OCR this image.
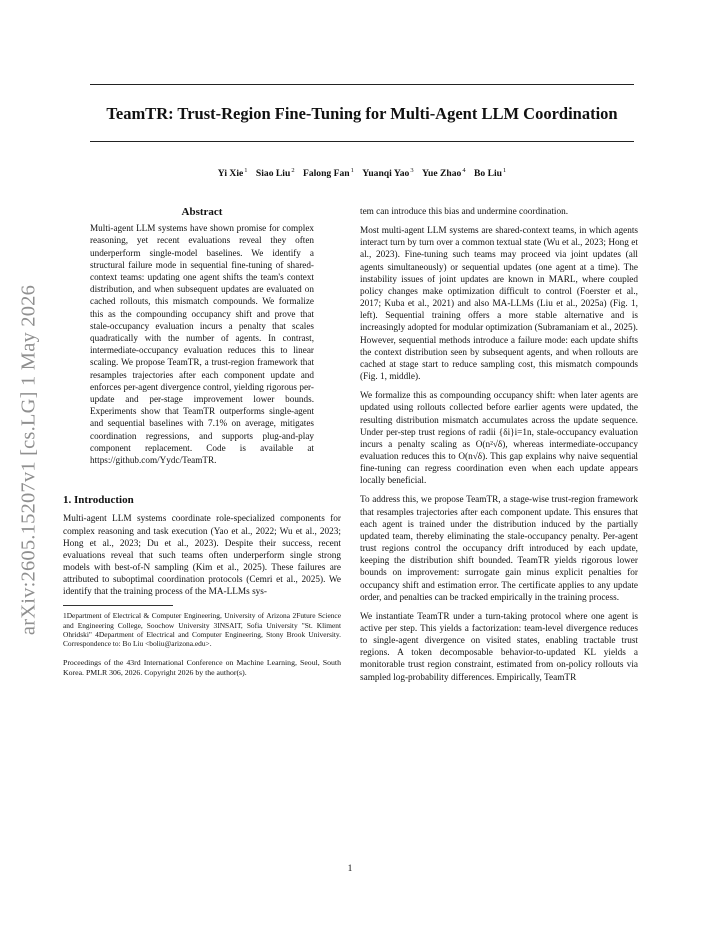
arXiv:2605.15207v1 [cs.LG] 1 May 2026
TeamTR: Trust-Region Fine-Tuning for Multi-Agent LLM Coordination
Yi Xie$^1$ Siao Liu$^2$ Falong Fan$^1$ Yuanqi Yao$^3$ Yue Zhao$^4$ Bo Liu$^1$
Abstract

Multi-agent LLM systems have shown promise for complex reasoning, yet recent evaluations reveal they often underperform single-model baselines. We identify a structural failure mode in sequential fine-tuning of shared-context teams: updating one agent shifts the team's context distribution, and when subsequent updates are evaluated on cached rollouts, this mismatch compounds. We formalize this as the compounding occupancy shift and prove that stale-occupancy evaluation incurs a penalty that scales quadratically with the number of agents. In contrast, intermediate-occupancy evaluation reduces this to linear scaling. We propose TeamTR, a trust-region framework that resamples trajectories after each component update and enforces per-agent divergence control, yielding rigorous per-update and per-stage improvement lower bounds. Experiments show that TeamTR outperforms single-agent and sequential baselines with 7.1% on average, mitigates coordination regressions, and supports plug-and-play component replacement. Code is available at https://github.com/Yydc/TeamTR.

1. Introduction

Multi-agent LLM systems coordinate role-specialized components for complex reasoning and task execution (Yao et al., 2022; Wu et al., 2023; Hong et al., 2023; Du et al., 2023). Despite their success, recent evaluations reveal that such teams often underperform single strong models with best-of-N sampling (Kim et al., 2025). These failures are attributed to suboptimal coordination protocols (Cemri et al., 2025). We identify that the training process of the MA-LLMs sys-

1Department of Electrical & Computer Engineering, University of Arizona 2Future Science and Engineering College, Soochow University 3INSAIT, Sofia University "St. Kliment Ohridski" 4Department of Electrical and Computer Engineering, Stony Brook University. Correspondence to: Bo Liu <boliu@arizona.edu>.

Proceedings of the 43rd International Conference on Machine Learning, Seoul, South Korea. PMLR 306, 2026. Copyright 2026 by the author(s).

tem can introduce this bias and undermine coordination.

Most multi-agent LLM systems are shared-context teams, in which agents interact turn by turn over a common textual state (Wu et al., 2023; Hong et al., 2023). Fine-tuning such teams may proceed via joint updates (all agents simultaneously) or sequential updates (one agent at a time). The instability issues of joint updates are known in MARL, where coupled policy changes make optimization difficult to control (Foerster et al., 2017; Kuba et al., 2021) and also MA-LLMs (Liu et al., 2025a) (Fig. 1, left). Sequential training offers a more stable alternative and is increasingly adopted for modular optimization (Subramaniam et al., 2025). However, sequential methods introduce a failure mode: each update shifts the context distribution seen by subsequent agents, and when rollouts are cached at stage start to reduce sampling cost, this mismatch compounds (Fig. 1, middle).

We formalize this as compounding occupancy shift: when later agents are updated using rollouts collected before earlier agents were updated, the resulting distribution mismatch accumulates across the update sequence. Under per-step trust regions of radii {δi}i=1n, stale-occupancy evaluation incurs a penalty scaling as O(n²√δ), whereas intermediate-occupancy evaluation reduces this to O(n√δ). This gap explains why naive sequential fine-tuning can regress coordination even when each update appears locally beneficial.

To address this, we propose TeamTR, a stage-wise trust-region framework that resamples trajectories after each component update. This ensures that each agent is trained under the distribution induced by the partially updated team, thereby eliminating the stale-occupancy penalty. Per-agent trust regions control the occupancy drift introduced by each update, keeping the distribution shift bounded. TeamTR yields rigorous lower bounds on improvement: surrogate gain minus explicit penalties for occupancy shift and estimation error. The certificate applies to any update order, and penalties can be tracked empirically in the training process.

We instantiate TeamTR under a turn-taking protocol where one agent is active per step. This yields a factorization: team-level divergence reduces to single-agent divergence on visited states, enabling tractable trust regions. A token decomposable behavior-to-updated KL yields a monitorable trust region constraint, estimated from on-policy rollouts via sampled log-probability differences. Empirically, TeamTR

1
